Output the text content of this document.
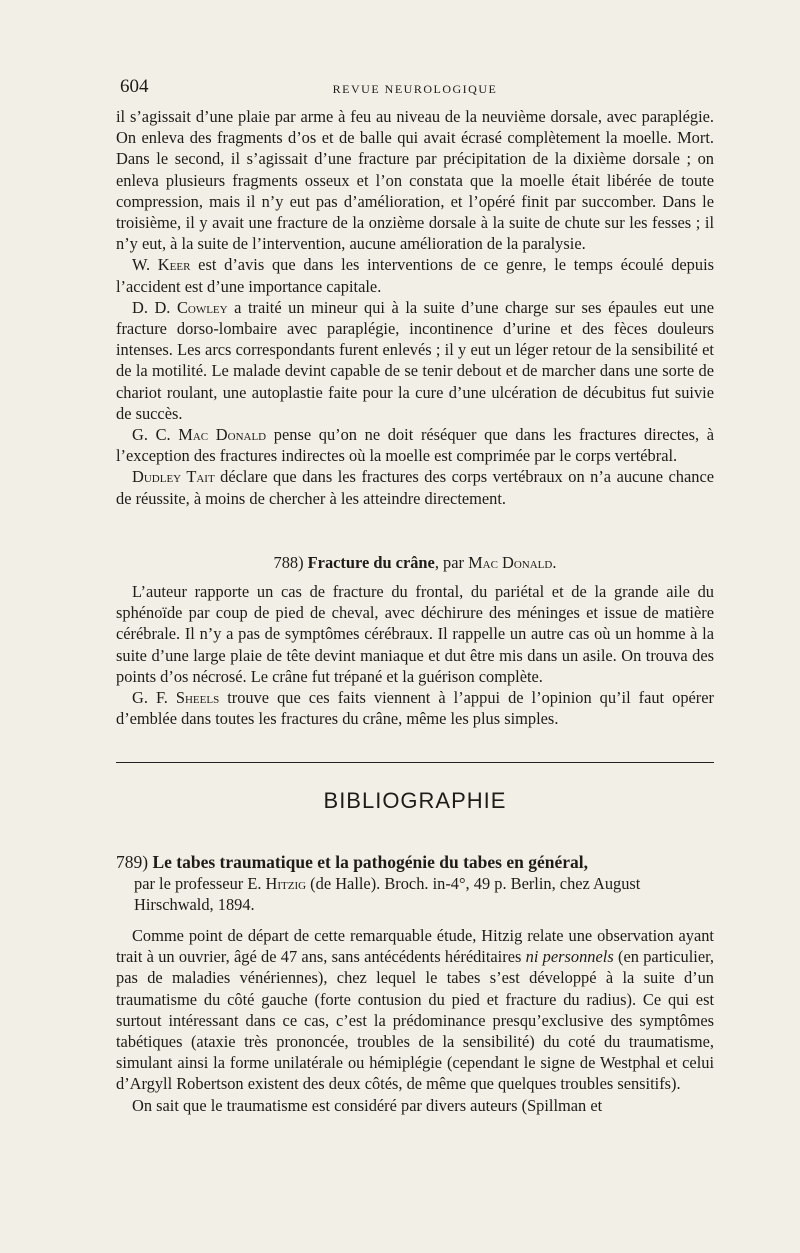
604	REVUE NEUROLOGIQUE

il s’agissait d’une plaie par arme à feu au niveau de la neuvième dorsale, avec paraplégie. On enleva des fragments d’os et de balle qui avait écrasé complètement la moelle. Mort. Dans le second, il s’agissait d’une fracture par précipitation de la dixième dorsale ; on enleva plusieurs fragments osseux et l’on constata que la moelle était libérée de toute compression, mais il n’y eut pas d’amélioration, et l’opéré finit par succomber. Dans le troisième, il y avait une fracture de la onzième dorsale à la suite de chute sur les fesses ; il n’y eut, à la suite de l’intervention, aucune amélioration de la paralysie.

W. Keer est d’avis que dans les interventions de ce genre, le temps écoulé depuis l’accident est d’une importance capitale.

D. D. Cowley a traité un mineur qui à la suite d’une charge sur ses épaules eut une fracture dorso-lombaire avec paraplégie, incontinence d’urine et des fèces douleurs intenses. Les arcs correspondants furent enlevés ; il y eut un léger retour de la sensibilité et de la motilité. Le malade devint capable de se tenir debout et de marcher dans une sorte de chariot roulant, une autoplastie faite pour la cure d’une ulcération de décubitus fut suivie de succès.

G. C. Mac Donald pense qu’on ne doit réséquer que dans les fractures directes, à l’exception des fractures indirectes où la moelle est comprimée par le corps vertébral.

Dudley Tait déclare que dans les fractures des corps vertébraux on n’a aucune chance de réussite, à moins de chercher à les atteindre directement.

788) Fracture du crâne, par Mac Donald.

L’auteur rapporte un cas de fracture du frontal, du pariétal et de la grande aile du sphénoïde par coup de pied de cheval, avec déchirure des méninges et issue de matière cérébrale. Il n’y a pas de symptômes cérébraux. Il rappelle un autre cas où un homme à la suite d’une large plaie de tête devint maniaque et dut être mis dans un asile. On trouva des points d’os nécrosé. Le crâne fut trépané et la guérison complète.

G. F. Sheels trouve que ces faits viennent à l’appui de l’opinion qu’il faut opérer d’emblée dans toutes les fractures du crâne, même les plus simples.

BIBLIOGRAPHIE

789) Le tabes traumatique et la pathogénie du tabes en général,

par le professeur E. Hitzig (de Halle). Broch. in-4°, 49 p. Berlin, chez August Hirschwald, 1894.

Comme point de départ de cette remarquable étude, Hitzig relate une observation ayant trait à un ouvrier, âgé de 47 ans, sans antécédents héréditaires ni personnels (en particulier, pas de maladies vénériennes), chez lequel le tabes s’est développé à la suite d’un traumatisme du côté gauche (forte contusion du pied et fracture du radius). Ce qui est surtout intéressant dans ce cas, c’est la prédominance presqu’exclusive des symptômes tabétiques (ataxie très prononcée, troubles de la sensibilité) du coté du traumatisme, simulant ainsi la forme unilatérale ou hémiplégie (cependant le signe de Westphal et celui d’Argyll Robertson existent des deux côtés, de même que quelques troubles sensitifs).

On sait que le traumatisme est considéré par divers auteurs (Spillman et
